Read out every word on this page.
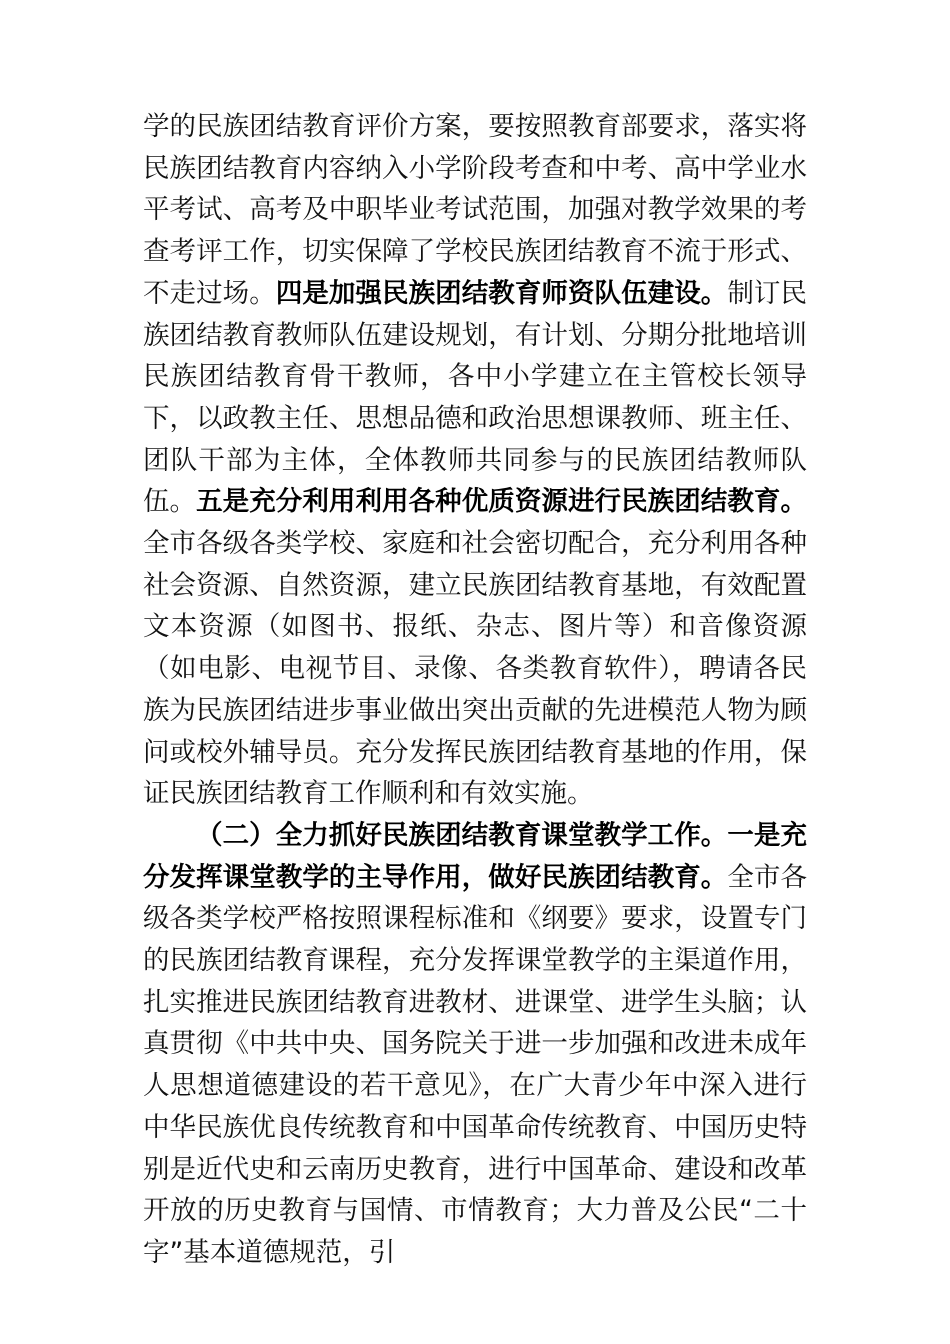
学的民族团结教育评价方案，要按照教育部要求，落实将民族团结教育内容纳入小学阶段考查和中考、高中学业水平考试、高考及中职毕业考试范围，加强对教学效果的考查考评工作，切实保障了学校民族团结教育不流于形式、不走过场。四是加强民族团结教育师资队伍建设。制订民族团结教育教师队伍建设规划，有计划、分期分批地培训民族团结教育骨干教师，各中小学建立在主管校长领导下，以政教主任、思想品德和政治思想课教师、班主任、团队干部为主体，全体教师共同参与的民族团结教师队伍。五是充分利用利用各种优质资源进行民族团结教育。全市各级各类学校、家庭和社会密切配合，充分利用各种社会资源、自然资源，建立民族团结教育基地，有效配置文本资源（如图书、报纸、杂志、图片等）和音像资源（如电影、电视节目、录像、各类教育软件），聘请各民族为民族团结进步事业做出突出贡献的先进模范人物为顾问或校外辅导员。充分发挥民族团结教育基地的作用，保证民族团结教育工作顺利和有效实施。

（二）全力抓好民族团结教育课堂教学工作。一是充分发挥课堂教学的主导作用，做好民族团结教育。全市各级各类学校严格按照课程标准和《纲要》要求，设置专门的民族团结教育课程，充分发挥课堂教学的主渠道作用，扎实推进民族团结教育进教材、进课堂、进学生头脑；认真贯彻《中共中央、国务院关于进一步加强和改进未成年人思想道德建设的若干意见》，在广大青少年中深入进行中华民族优良传统教育和中国革命传统教育、中国历史特别是近代史和云南历史教育，进行中国革命、建设和改革开放的历史教育与国情、市情教育；大力普及公民“二十字”基本道德规范，引
